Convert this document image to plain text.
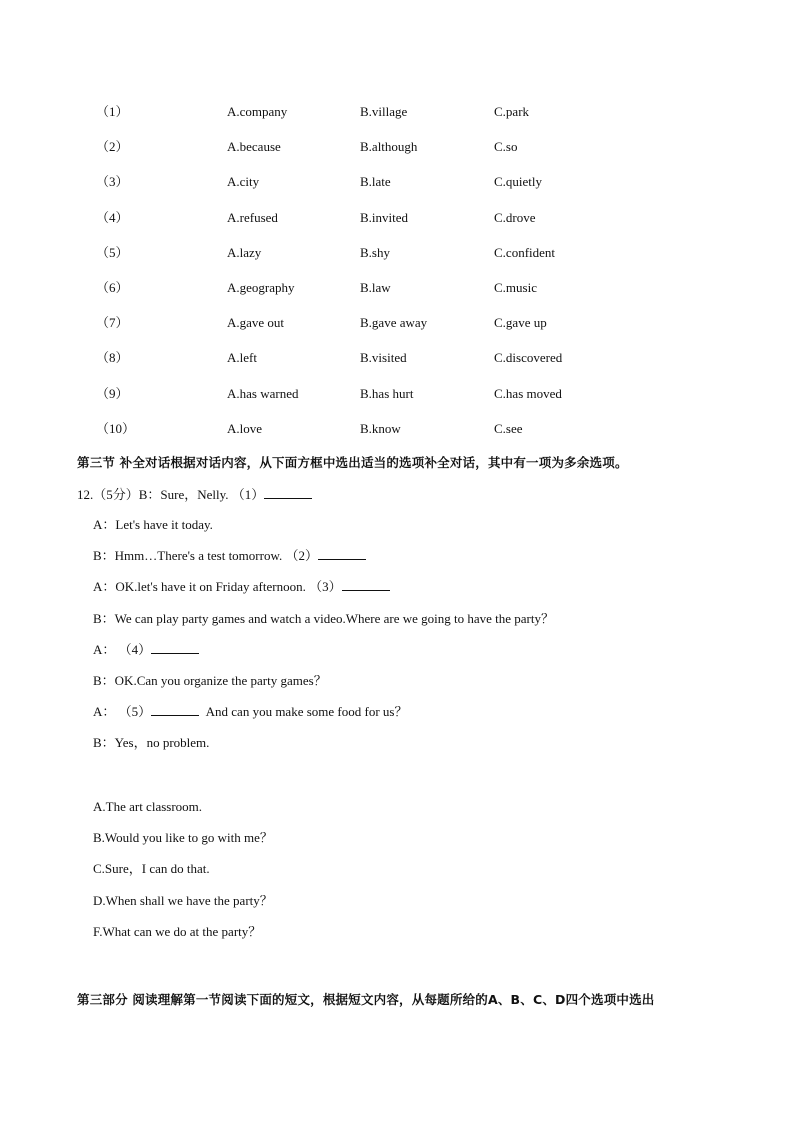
（1）	A.company	B.village	C.park
（2）	A.because	B.although	C.so
（3）	A.city	B.late	C.quietly
（4）	A.refused	B.invited	C.drove
（5）	A.lazy	B.shy	C.confident
（6）	A.geography	B.law	C.music
（7）	A.gave out	B.gave away	C.gave up
（8）	A.left	B.visited	C.discovered
（9）	A.has warned	B.has hurt	C.has moved
（10）	A.love	B.know	C.see
第三节 补全对话根据对话内容，从下面方框中选出适当的选项补全对话，其中有一项为多余选项。
12.（5分）B：Sure，Nelly. （1）
A：Let's have it today.
B：Hmm…There's a test tomorrow. （2）
A：OK.let's have it on Friday afternoon. （3）
B：We can play party games and watch a video.Where are we going to have the party？
A： （4）
B：OK.Can you organize the party games？
A： （5）	And can you make some food for us？
B：Yes，no problem.
A.The art classroom.
B.Would you like to go with me？
C.Sure，I can do that.
D.When shall we have the party？
F.What can we do at the party？
第三部分 阅读理解第一节阅读下面的短文，根据短文内容，从每题所给的A、B、C、D四个选项中选出
